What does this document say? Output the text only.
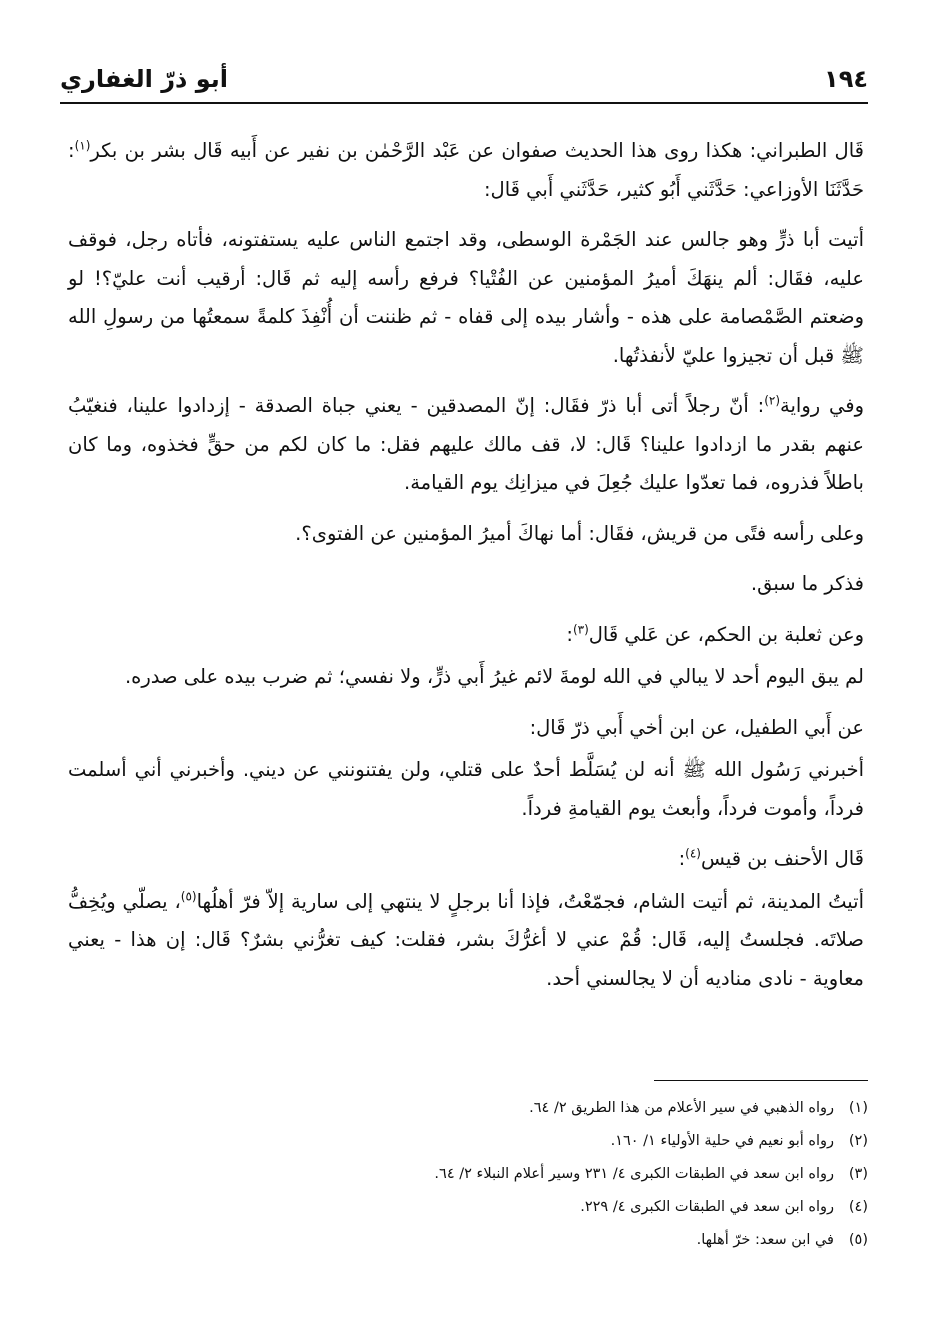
١٩٤
أبو ذرّ الغفاري

قَال الطبراني: هكذا روى هذا الحديث صفوان عن عَبْد الرَّحْمٰن بن نفير عن أَبيه قَال بشر بن بكر$^{(١)}$: حَدَّثَنَا الأوزاعي: حَدَّثَني أَبُو كثير، حَدَّثَني أَبي قَال:

أتيت أبا ذرٍّ وهو جالس عند الجَمْرة الوسطى، وقد اجتمع الناس عليه يستفتونه، فأتاه رجل، فوقف عليه، فقَال: ألم ينهَكَ أميرُ المؤمنين عن الفُتْيا؟ فرفع رأسه إليه ثم قَال: أرقيب أنت عليّ؟! لو وضعتم الصَّمْصامة على هذه - وأشار بيده إلى قفاه - ثم ظننت أن أُنْفِذَ كلمةً سمعتُها من رسولِ الله ﷺ قبل أن تجيزوا عليّ لأنفذتُها.

وفي رواية$^{(٢)}$: أنّ رجلاً أتى أبا ذرّ فقَال: إنّ المصدقين - يعني جباة الصدقة - إزدادوا علينا، فنغيّبُ عنهم بقدر ما ازدادوا علينا؟ قَال: لا، قف مالك عليهم فقل: ما كان لكم من حقٍّ فخذوه، وما كان باطلاً فذروه، فما تعدّوا عليك جُعِلَ في ميزانِك يوم القيامة.

وعلى رأسه فتًى من قريش، فقَال: أما نهاكَ أميرُ المؤمنين عن الفتوى؟.

فذكر ما سبق.

وعن ثعلبة بن الحكم، عن عَلي قَال$^{(٣)}$:

لم يبق اليوم أحد لا يبالي في الله لومةَ لائم غيرُ أَبي ذرٍّ، ولا نفسي؛ ثم ضرب بيده على صدره.

عن أَبي الطفيل، عن ابن أخي أَبي ذرّ قَال:

أخبرني رَسُول الله ﷺ أنه لن يُسَلَّط أحدٌ على قتلي، ولن يفتنونني عن ديني. وأخبرني أني أسلمت فرداً، وأموت فرداً، وأبعث يوم القيامةِ فرداً.

قَال الأحنف بن قيس$^{(٤)}$:

أتيتُ المدينة، ثم أتيت الشام، فجمّعْتُ، فإذا أنا برجلٍ لا ينتهي إلى سارية إلاّ فرّ أهلُها$^{(٥)}$، يصلّي ويُخِفُّ صلاتَه. فجلستُ إليه، قَال: قُمْ عني لا أغرُّكَ بشر، فقلت: كيف تغرُّني بشرٌ؟ قَال: إن هذا - يعني معاوية - نادى مناديه أن لا يجالسني أحد.

(١)
رواه الذهبي في سير الأعلام من هذا الطريق ٢/ ٦٤.
(٢)
رواه أبو نعيم في حلية الأولياء ١/ ١٦٠.
(٣)
رواه ابن سعد في الطبقات الكبرى ٤/ ٢٣١ وسير أعلام النبلاء ٢/ ٦٤.
(٤)
رواه ابن سعد في الطبقات الكبرى ٤/ ٢٢٩.
(٥)
في ابن سعد: خرّ أهلها.
